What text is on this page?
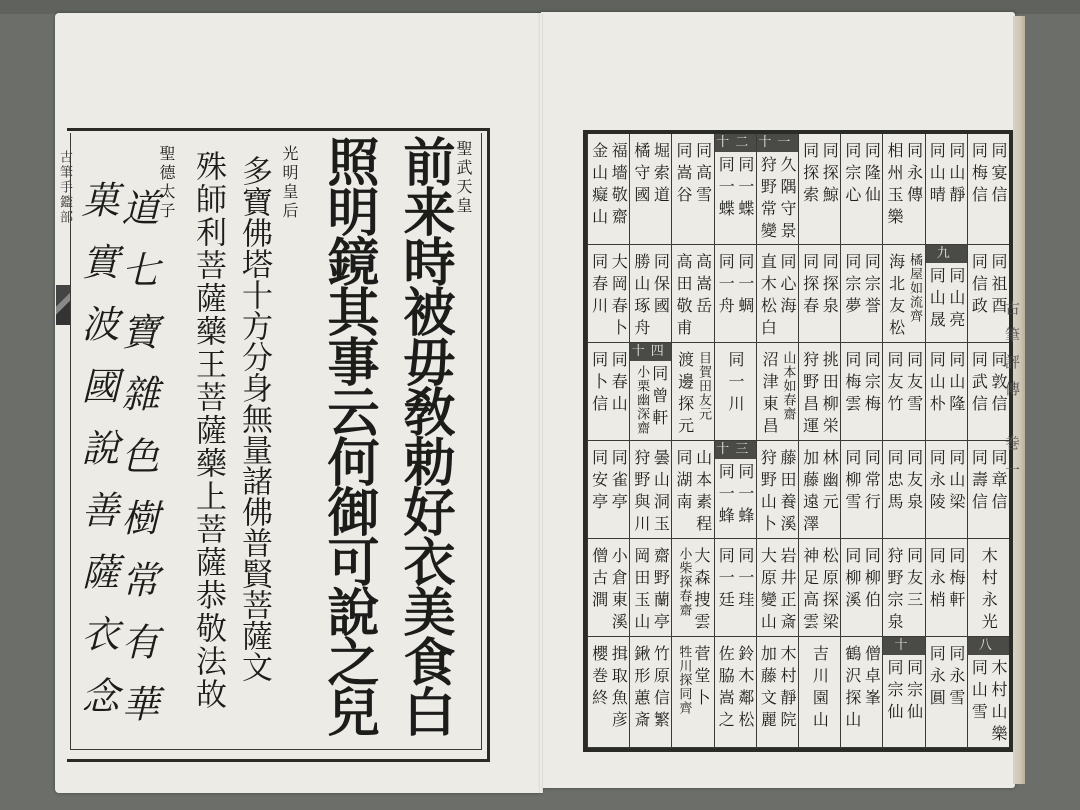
古筆手鑑部	聖武天皇
前来時被毋敎勅好衣美食白
照明鏡其事云何御可說之兒
光明皇后
多寶佛塔十方分身無量諸佛普賢菩薩文
殊師利菩薩藥王菩薩藥上菩薩恭敬法故
聖德太子
道七寶雜色樹常有華
菓實波國說善薩衣念
同宴信
同梅信
同山靜
同山晴
同永傳
相州玉樂
同隆仙
同宗心
同探鯨
同探索
十一
久隅守景
狩野常變
十二
同一蝶
同一蝶
同高雪
同嵩谷
堀索道
橘守國
福墻敬齋
金山癡山
同祖酉
同信政
九
同山亮
同山晟
橘屋如流齊
海北友松
同宗誉
同宗夢
同探泉
同探春
同心海
直木松白
同一蜩
同一舟
高嵩岳
高田敬甫
同保國
勝山琢舟
大岡春卜
同春川
同敦信
同武信
同山隆
同山朴
同友雪
同友竹
同宗梅
同梅雲
挑田柳栄
狩野昌運
山本如春齋
沼津東昌
同一川
目賀田友元
渡邊探元
十四
同曾軒
小栗幽深齋
同春山
同卜信
同章信
同壽信
同山梁
同永陵
同友泉
同忠馬
同常行
同柳雪
林幽元
加藤遠澤
藤田養溪
狩野山卜
十三
同一蜂
同一蜂
山本素程
同湖南
曇山洞玉
狩野與川
同雀亭
同安亭
木村永光
同梅軒
同永梢
同友三
狩野宗泉
同柳伯
同柳溪
松原探梁
神足高雲
岩井正斎
大原變山
同一珪
同一廷
大森捜雲
小柴探春齋
齋野蘭亭
岡田玉山
小倉東溪
僧古澗
八
木村山樂
同山雪
同永雪
同永圓
十
同宗仙
同宗仙
僧卓峯
鶴沢探山
吉川園山
木村靜院
加藤文麗
鈴木鄰松
佐脇嵩之
菅堂卜
牲川探同齊
竹原信繁
鍬形蕙斎
揖取魚彦
櫻巻終
古筆評傳　巻一
